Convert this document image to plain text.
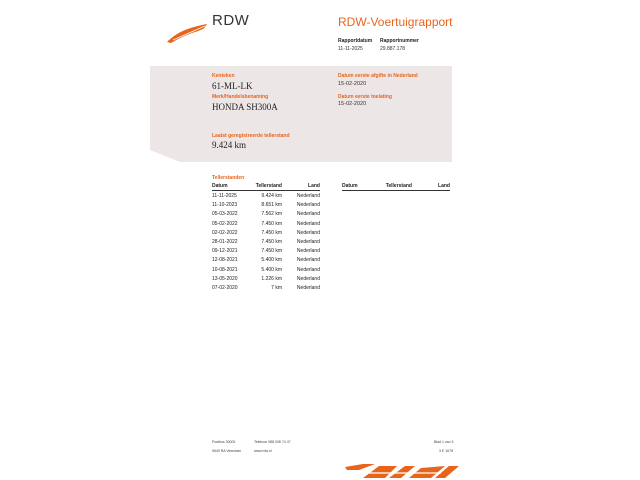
RDW	RDW-Voertuigrapport
Rapportdatum
11-11-2025
Rapportnummer
29.887.178
Kenteken
61-ML-LK
Merk/Handelsbenaming
HONDA SH300A
Datum eerste afgifte in Nederland
15-02-2020
Datum eerste toelating
15-02-2020
Laatst geregistreerde tellerstand
9.424 km
Tellerstanden
Datum	Tellerstand	Land
11-11-2025	9.424 km	Nederland
11-10-2023	8.651 km	Nederland
05-03-2022	7.562 km	Nederland
05-02-2022	7.450 km	Nederland
02-02-2022	7.450 km	Nederland
28-01-2022	7.450 km	Nederland
09-12-2021	7.450 km	Nederland
12-08-2021	5.400 km	Nederland
10-08-2021	5.400 km	Nederland
13-05-2020	1.226 km	Nederland
07-02-2020	7 km	Nederland
Datum	Tellerstand	Land
Postbus 30000
9640 RA Veendam
Telefoon 088 008 74 47
www.rdw.nl
Blad 1 van 3
3 E 1678
